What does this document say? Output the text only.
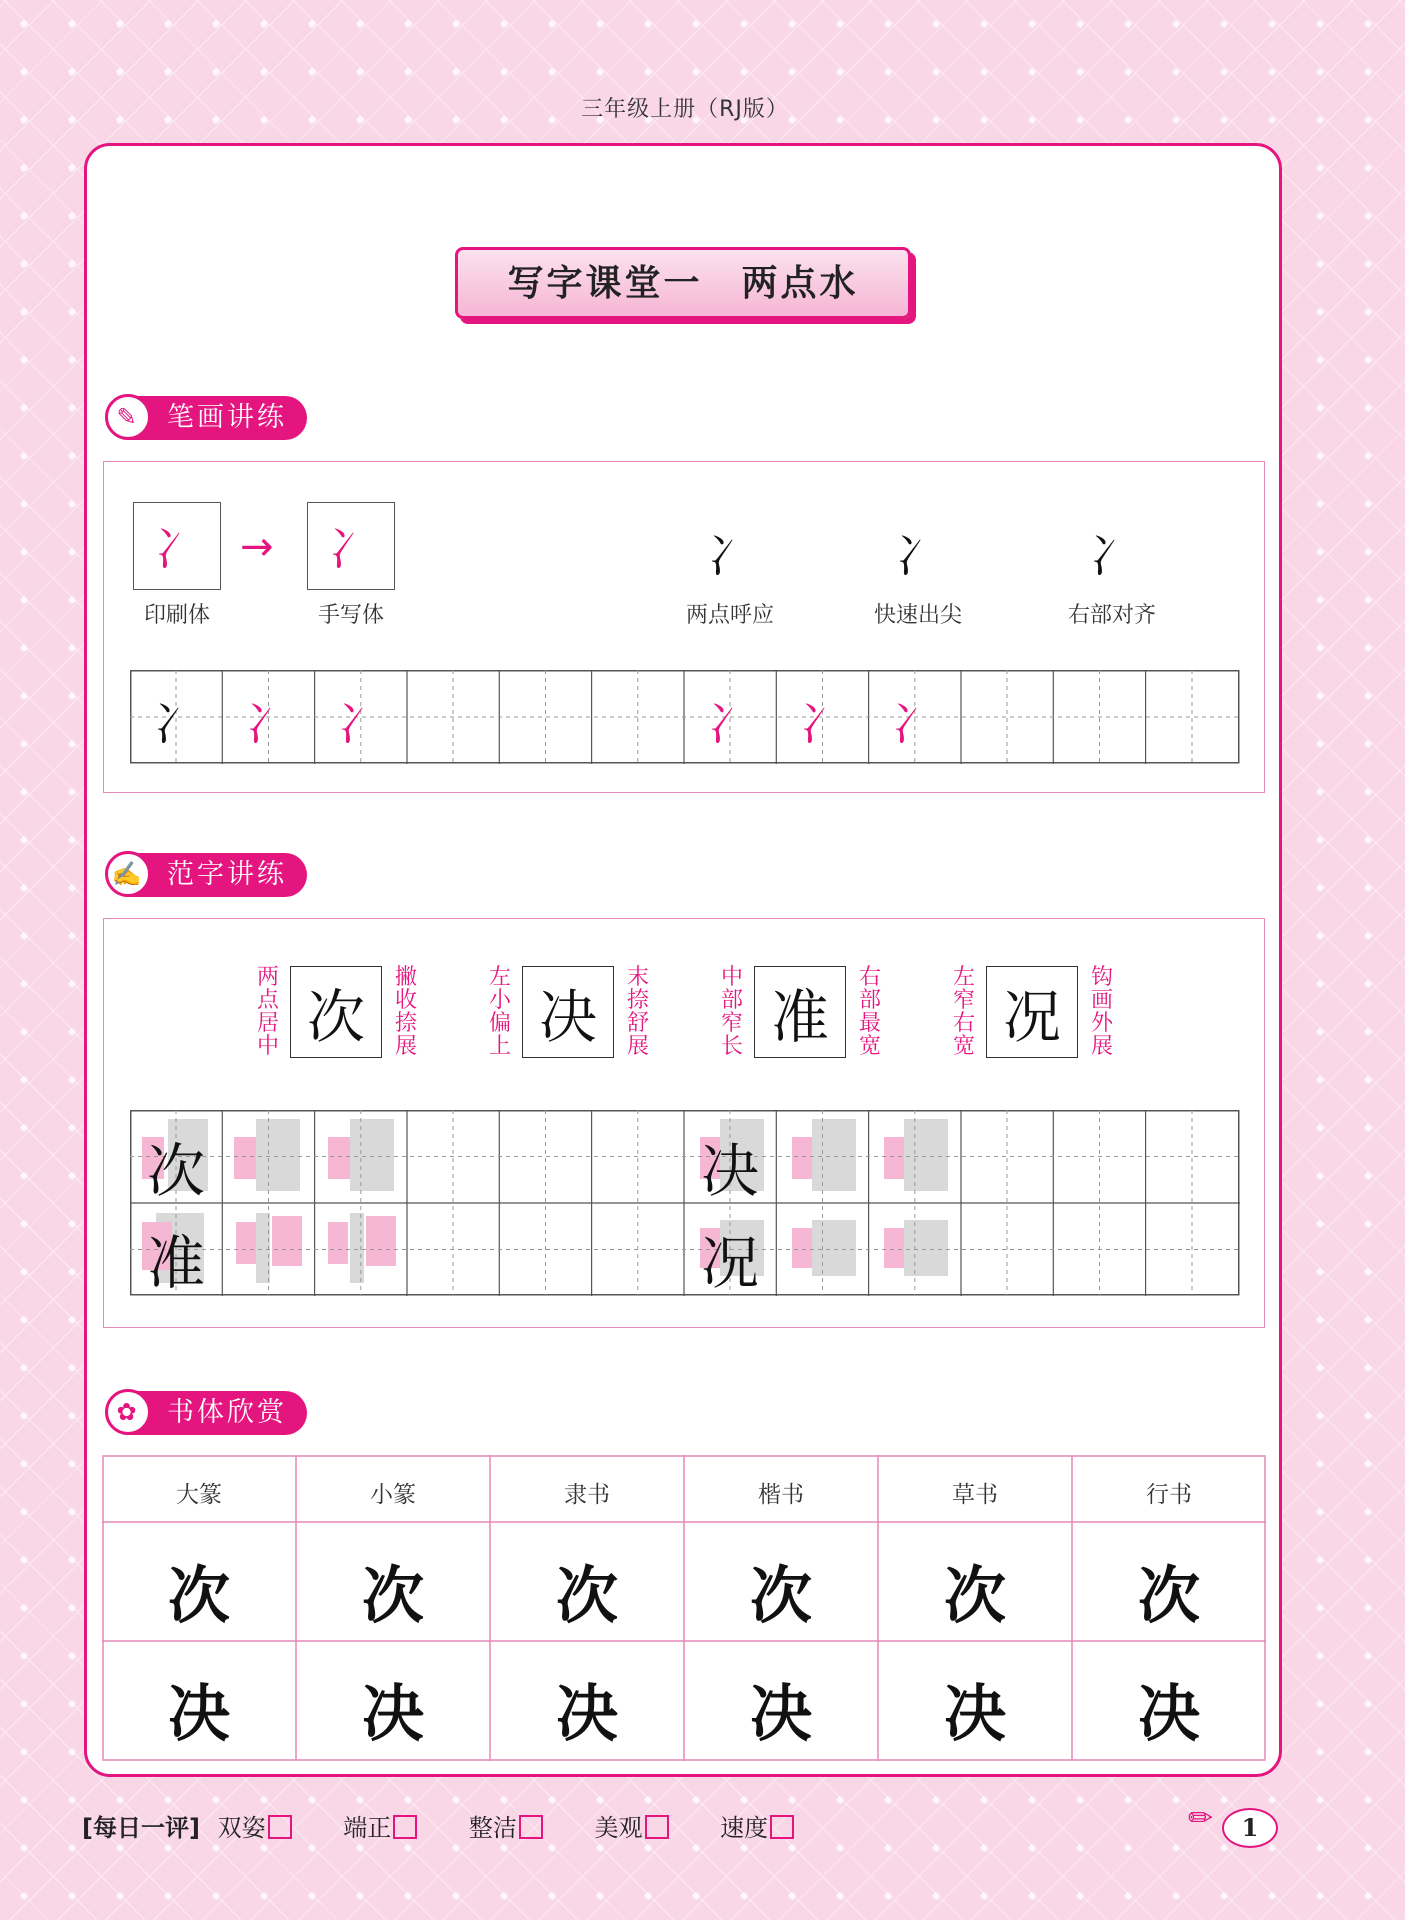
三年级上册（RJ版）
写字课堂一　两点水
✎	笔画讲练
冫 → 冫
印刷体	手写体
冫	冫	冫
两点呼应	快速出尖	右部对齐
冫	冫	冫	冫	冫	冫
✍ 范字讲练
两点居中 次
撇收捺展
左小偏上 决
末捺舒展
中部窄长 准
右部最宽
左窄右宽 况
钩画外展
次	决
准	况
✿	书体欣赏
大篆	小篆	隶书	楷书	草书	行书
次	次	次	次	次	次
决	决	决	决	决	决
[每日一评] 双姿	端正	整洁	美观	速度	✏	1
